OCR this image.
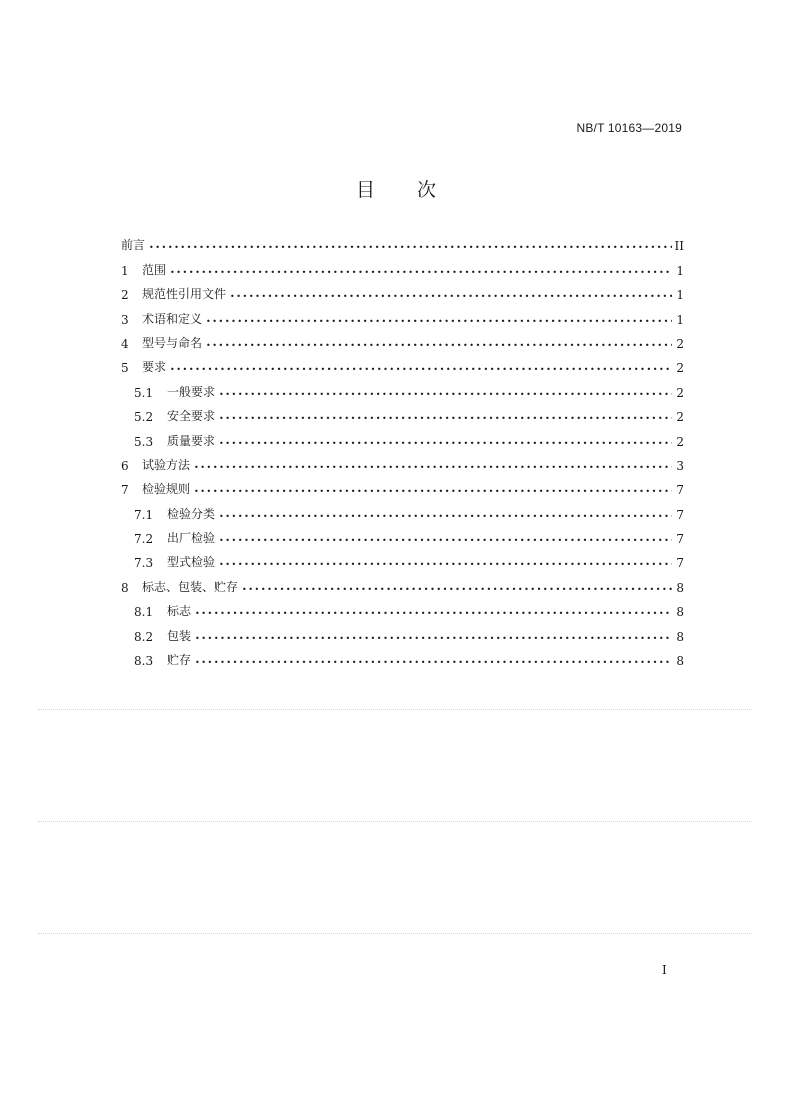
NB/T 10163—2019
目 次
前言 •••••	II
1	范围 •••••	1
2	规范性引用文件 •••••	1
3	术语和定义 •••••	1
4	型号与命名 •••••	2
5	要求 •••••	2
5.1	一般要求 •••••	2
5.2	安全要求 •••••	2
5.3	质量要求 •••••	2
6	试验方法 •••••	3
7	检验规则 •••••	7
7.1	检验分类 •••••	7
7.2	出厂检验 •••••	7
7.3	型式检验 •••••	7
8	标志、包装、贮存 •••••	8
8.1	标志 •••••	8
8.2	包装 •••••	8
8.3	贮存 •••••	8
I
